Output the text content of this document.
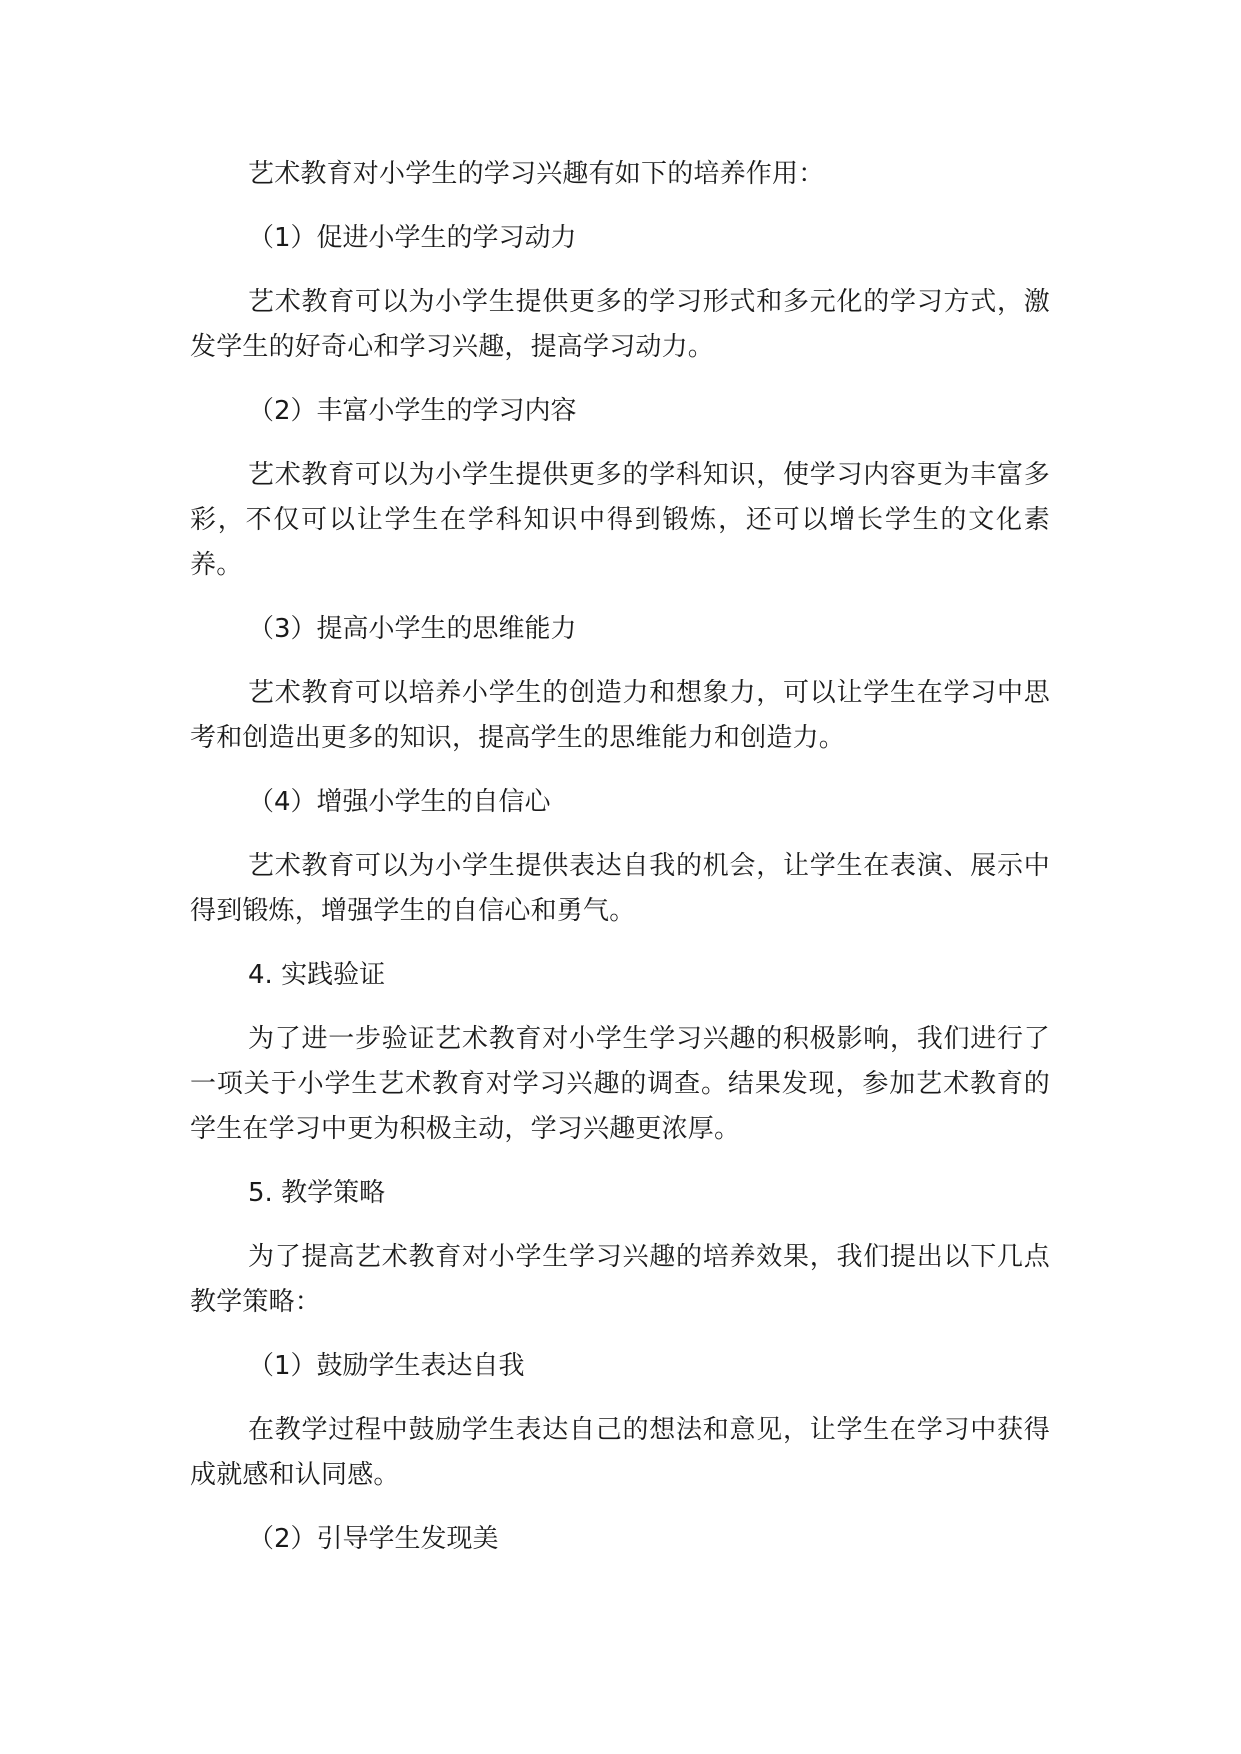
艺术教育对小学生的学习兴趣有如下的培养作用：

（1）促进小学生的学习动力

艺术教育可以为小学生提供更多的学习形式和多元化的学习方式，激发学生的好奇心和学习兴趣，提高学习动力。

（2）丰富小学生的学习内容

艺术教育可以为小学生提供更多的学科知识，使学习内容更为丰富多彩，不仅可以让学生在学科知识中得到锻炼，还可以增长学生的文化素养。

（3）提高小学生的思维能力

艺术教育可以培养小学生的创造力和想象力，可以让学生在学习中思考和创造出更多的知识，提高学生的思维能力和创造力。

（4）增强小学生的自信心

艺术教育可以为小学生提供表达自我的机会，让学生在表演、展示中得到锻炼，增强学生的自信心和勇气。

4. 实践验证

为了进一步验证艺术教育对小学生学习兴趣的积极影响，我们进行了一项关于小学生艺术教育对学习兴趣的调查。结果发现，参加艺术教育的学生在学习中更为积极主动，学习兴趣更浓厚。

5. 教学策略

为了提高艺术教育对小学生学习兴趣的培养效果，我们提出以下几点教学策略：

（1）鼓励学生表达自我

在教学过程中鼓励学生表达自己的想法和意见，让学生在学习中获得成就感和认同感。

（2）引导学生发现美
